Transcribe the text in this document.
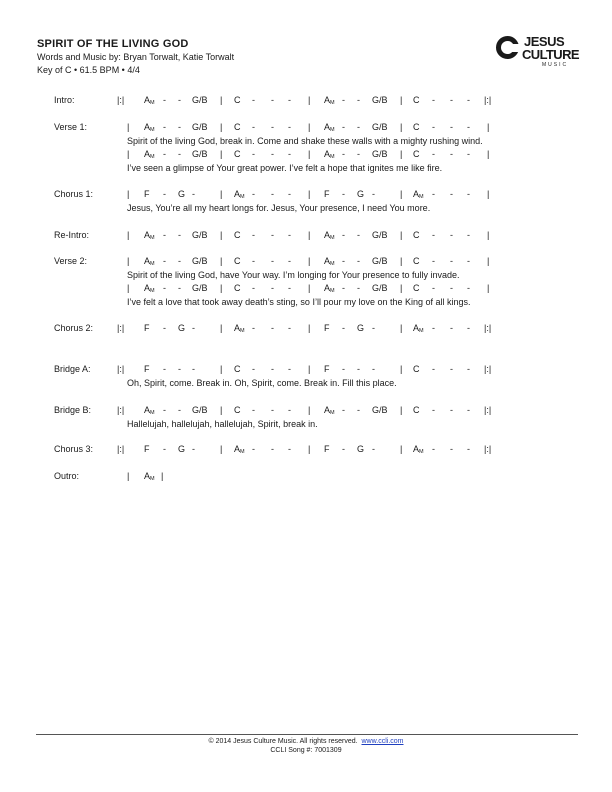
SPIRIT OF THE LIVING GOD
Words and Music by: Bryan Torwalt, Katie Torwalt
Key of C • 61.5 BPM • 4/4
JESUS
CULTURE
MUSIC
Intro:	|:| $A_M$ - - G/B | C - - - | $A_M$ - - G/B | C - - - |:|
Verse 1:	| $A_M$ - - G/B | C - - - | $A_M$ - - G/B | C - - - |
Spirit of the living God, break in. Come and shake these walls with a mighty rushing wind.
| $A_M$ - - G/B | C - - - | $A_M$ - - G/B | C - - - |
I’ve seen a glimpse of Your great power. I’ve felt a hope that ignites me like fire.
Chorus 1:	| F - G -	| $A_M$ - - - | F - G -	| $A_M$ - - - |
Jesus, You’re all my heart longs for. Jesus, Your presence, I need You more.
Re-Intro:	| $A_M$ - - G/B | C - - - | $A_M$ - - G/B | C - - - |
Verse 2:	| $A_M$ - - G/B | C - - - | $A_M$ - - G/B | C - - - |
Spirit of the living God, have Your way. I’m longing for Your presence to fully invade.
| $A_M$ - - G/B | C - - - | $A_M$ - - G/B | C - - - |
I’ve felt a love that took away death’s sting, so I’ll pour my love on the King of all kings.
Chorus 2:	|:| F - G -	| $A_M$ - - - | F - G -	| $A_M$ - - - |:|
Bridge A:	|:| F - - -	| C - - - | F - - -	| C - - - |:|
Oh, Spirit, come. Break in. Oh, Spirit, come. Break in. Fill this place.
Bridge B:	|:| $A_M$ - - G/B | C - - - | $A_M$ - - G/B | C - - - |:|
Hallelujah, hallelujah, hallelujah, Spirit, break in.
Chorus 3:	|:| F - G -	| $A_M$ - - - | F - G -	| $A_M$ - - - |:|
Outro:	| $A_M$ |
© 2014 Jesus Culture Music. All rights reserved. www.ccli.com
CCLI Song #: 7001309
